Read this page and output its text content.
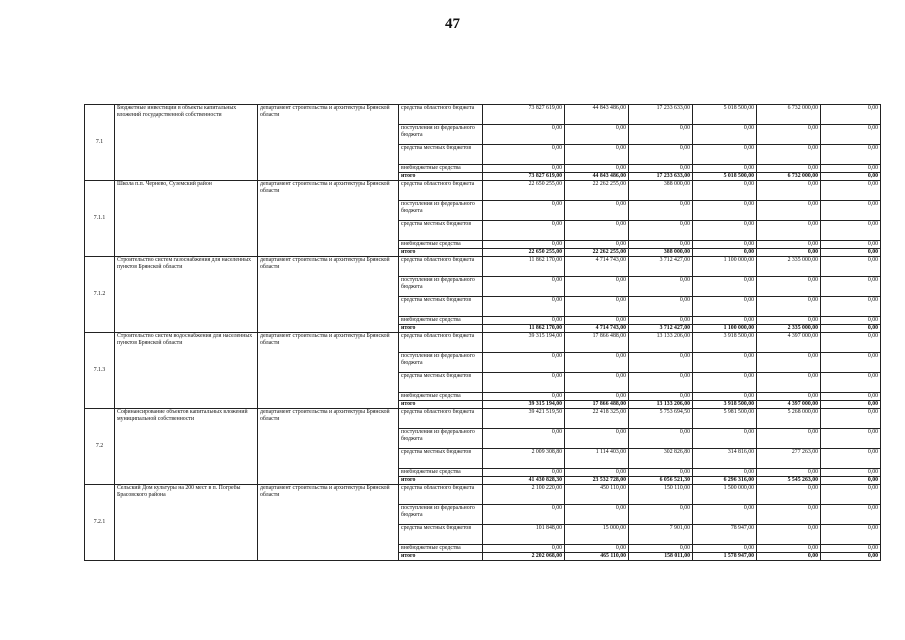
47
7.1	Бюджетные инвестиции в объекты капитальных вложений государственной собственности	департамент строительства и архитектуры Брянской области	средства областного бюджета	73 827 619,00	44 843 486,00	17 233 633,00	5 018 500,00	6 732 000,00	0,00
			поступления из федерального бюджета	0,00	0,00	0,00	0,00	0,00	0,00
			средства местных бюджетов	0,00	0,00	0,00	0,00	0,00	0,00
			внебюджетные средства	0,00	0,00	0,00	0,00	0,00	0,00
			итого	73 827 619,00	44 843 486,00	17 233 633,00	5 018 500,00	6 732 000,00	0,00
7.1.1	Школа п.п. Чернево, Суземский район	департамент строительства и архитектуры Брянской области	средства областного бюджета	22 650 255,00	22 262 255,00	388 000,00	0,00	0,00	0,00
			поступления из федерального бюджета	0,00	0,00	0,00	0,00	0,00	0,00
			средства местных бюджетов	0,00	0,00	0,00	0,00	0,00	0,00
			внебюджетные средства	0,00	0,00	0,00	0,00	0,00	0,00
			итого	22 650 255,00	22 262 255,00	388 000,00	0,00	0,00	0,00
7.1.2	Строительство систем газоснабжения для населенных пунктов Брянской области	департамент строительства и архитектуры Брянской области	средства областного бюджета	11 862 170,00	4 714 743,00	3 712 427,00	1 100 000,00	2 335 000,00	0,00
			поступления из федерального бюджета	0,00	0,00	0,00	0,00	0,00	0,00
			средства местных бюджетов	0,00	0,00	0,00	0,00	0,00	0,00
			внебюджетные средства	0,00	0,00	0,00	0,00	0,00	0,00
			итого	11 862 170,00	4 714 743,00	3 712 427,00	1 100 000,00	2 335 000,00	0,00
7.1.3	Строительство систем водоснабжения для населенных пунктов Брянской области	департамент строительства и архитектуры Брянской области	средства областного бюджета	39 315 194,00	17 866 488,00	13 133 206,00	3 918 500,00	4 397 000,00	0,00
			поступления из федерального бюджета	0,00	0,00	0,00	0,00	0,00	0,00
			средства местных бюджетов	0,00	0,00	0,00	0,00	0,00	0,00
			внебюджетные средства	0,00	0,00	0,00	0,00	0,00	0,00
			итого	39 315 194,00	17 866 488,00	13 133 206,00	3 918 500,00	4 397 000,00	0,00
7.2	Софинансирование объектов капитальных вложений муниципальной собственности	департамент строительства и архитектуры Брянской области	средства областного бюджета	39 421 519,50	22 418 325,00	5 753 694,50	5 981 500,00	5 268 000,00	0,00
			поступления из федерального бюджета	0,00	0,00	0,00	0,00	0,00	0,00
			средства местных бюджетов	2 009 308,80	1 114 403,00	302 826,80	314 816,00	277 263,00	0,00
			внебюджетные средства	0,00	0,00	0,00	0,00	0,00	0,00
			итого	41 430 828,30	23 532 728,00	6 056 521,30	6 296 316,00	5 545 263,00	0,00
7.2.1	Сельский Дом культуры на 200 мест в п. Погребы Брасовского района	департамент строительства и архитектуры Брянской области	средства областного бюджета	2 100 220,00	450 110,00	150 110,00	1 500 000,00	0,00	0,00
			поступления из федерального бюджета	0,00	0,00	0,00	0,00	0,00	0,00
			средства местных бюджетов	101 848,00	15 000,00	7 901,00	78 947,00	0,00	0,00
			внебюджетные средства	0,00	0,00	0,00	0,00	0,00	0,00
			итого	2 202 068,00	465 110,00	158 011,00	1 578 947,00	0,00	0,00
